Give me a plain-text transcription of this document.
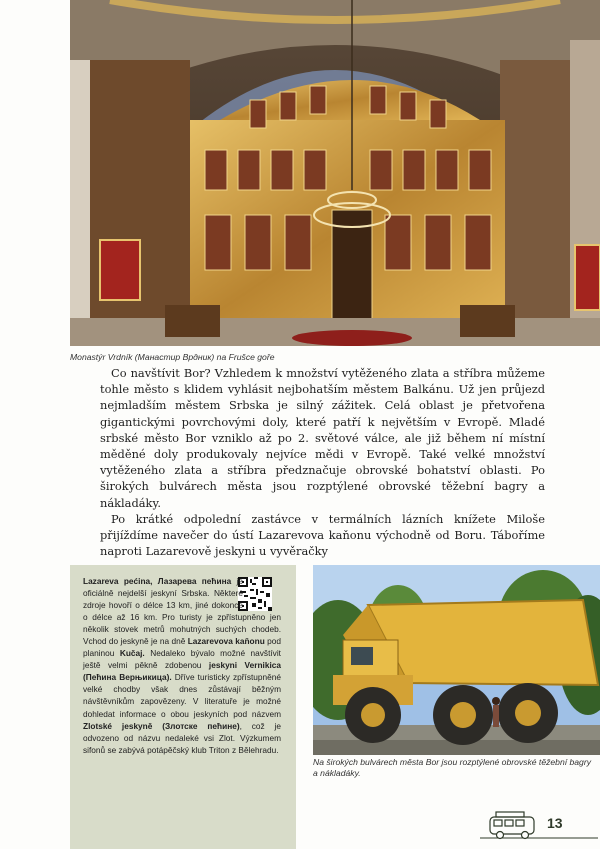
Monastýr Vrdník (Манастир Врдник) na Frušce goře

Co navštívit Bor? Vzhledem k množství vytěženého zlata a stříbra můžeme tohle město s klidem vyhlásit nejbohatším městem Balkánu. Už jen průjezd nejmladším městem Srbska je silný zážitek. Celá oblast je přetvořena gigantickými povrchovými doly, které patří k největším v Evropě. Mladé srbské město Bor vzniklo až po 2. světové válce, ale již během ní místní měděné doly produkovaly nejvíce mědi v Evropě. Také velké množství vytěženého zlata a stříbra předznačuje obrovské bohatství oblasti. Po širokých bulvárech města jsou rozptýlené obrovské těžební bagry a nákladáky.

Po krátké odpolední zastávce v termálních lázních knížete Miloše přijíždíme navečer do ústí Lazarevova kaňonu východně od Boru. Táboříme naproti Lazarevově jeskyni u vyvěračky

Lazareva pećina, Лазарева пећина je oficiálně nejdelší jeskyní Srbska. Některé zdroje hovoří o délce 13 km, jiné dokonce o délce až 16 km. Pro turisty je zpřístupněno jen několik stovek metrů mohutných suchých chodeb. Vchod do jeskyně je na dně Lazarevova kaňonu pod planinou Kučaj. Nedaleko bývalo možné navštívit ještě velmi pěkně zdobenou jeskyni Vernikica (Пећина Верњикица). Dříve turisticky zpřístupněné velké chodby však dnes zůstávají běžným návštěvníkům zapovězeny. V literatuře je možné dohledat informace o obou jeskyních pod názvem Zlotské jeskyně (Злотске пећине), což je odvozeno od názvu nedaleké vsi Zlot. Výzkumem sifonů se zabývá potápěčský klub Triton z Bělehradu.
Na širokých bulvárech města Bor jsou rozptýlené obrovské těžební bagry a nákladáky.
13
